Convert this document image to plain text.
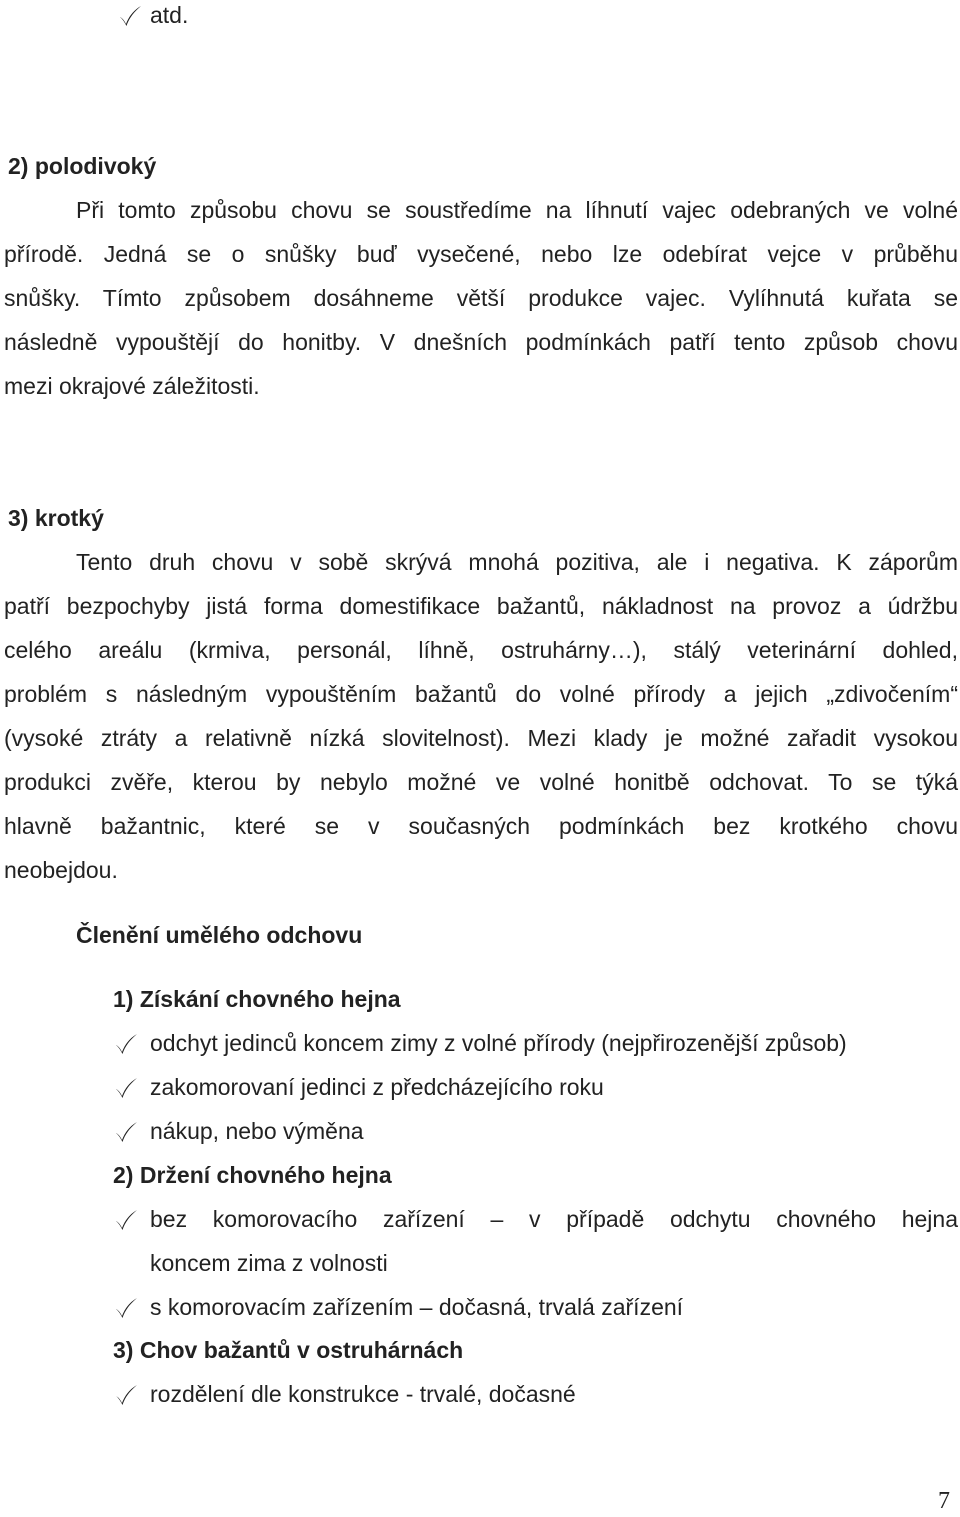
atd.
2) polodivoký
Při tomto způsobu chovu se soustředíme na líhnutí vajec odebraných ve volné
přírodě. Jedná se o snůšky buď vysečené, nebo lze odebírat vejce v průběhu
snůšky. Tímto způsobem dosáhneme větší produkce vajec. Vylíhnutá kuřata se
následně vypouštějí do honitby. V dnešních podmínkách patří tento způsob chovu
mezi okrajové záležitosti.
3) krotký
Tento druh chovu v sobě skrývá mnohá pozitiva, ale i negativa. K záporům
patří bezpochyby jistá forma domestifikace bažantů, nákladnost na provoz a údržbu
celého areálu (krmiva, personál, líhně, ostruhárny…), stálý veterinární dohled,
problém s následným vypouštěním bažantů do volné přírody a jejich „zdivočením“
(vysoké ztráty a relativně nízká slovitelnost). Mezi klady je možné zařadit vysokou
produkci zvěře, kterou by nebylo možné ve volné honitbě odchovat. To se týká
hlavně bažantnic, které se v současných podmínkách bez krotkého chovu
neobejdou.
Členění umělého odchovu
1) Získání chovného hejna
odchyt jedinců koncem zimy z volné přírody (nejpřirozenější způsob)
zakomorovaní jedinci z předcházejícího roku
nákup, nebo výměna
2) Držení chovného hejna
bez komorovacího zařízení – v případě odchytu chovného hejna
koncem zima z volnosti
s komorovacím zařízením – dočasná, trvalá zařízení
3) Chov bažantů v ostruhárnách
rozdělení dle konstrukce - trvalé, dočasné
7
